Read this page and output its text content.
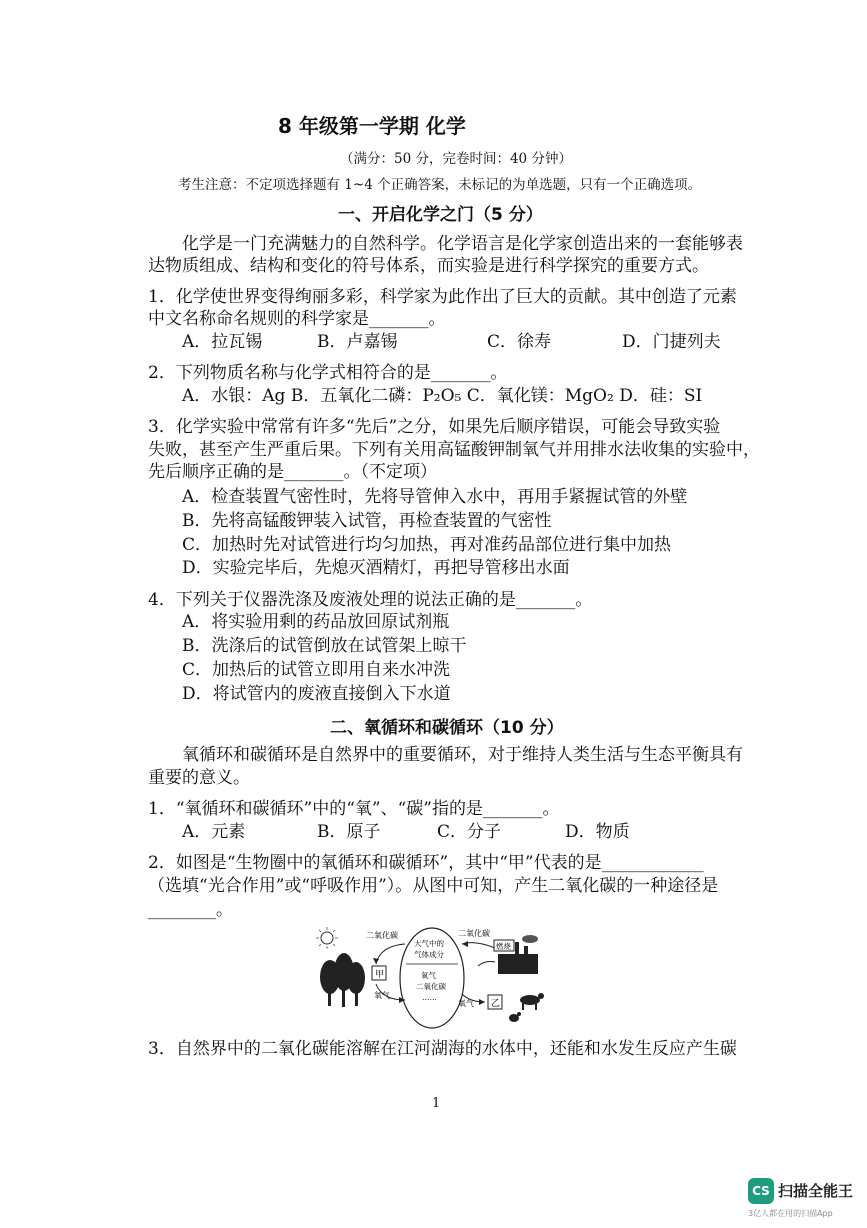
8 年级第一学期 化学
（满分：50 分，完卷时间：40 分钟）
考生注意：不定项选择题有 1~4 个正确答案，未标记的为单选题，只有一个正确选项。
一、开启化学之门（5 分）
化学是一门充满魅力的自然科学。化学语言是化学家创造出来的一套能够表
达物质组成、结构和变化的符号体系，而实验是进行科学探究的重要方式。
1．化学使世界变得绚丽多彩，科学家为此作出了巨大的贡献。其中创造了元素
中文名称命名规则的科学家是_______。
A．拉瓦锡	B．卢嘉锡	C．徐寿	D．门捷列夫
2．下列物质名称与化学式相符合的是_______。
A．水银：Ag B．五氧化二磷：P₂O₅ C．氧化镁：MgO₂ D．硅：SI
3．化学实验中常常有许多“先后”之分，如果先后顺序错误，可能会导致实验
失败，甚至产生严重后果。下列有关用高锰酸钾制氧气并用排水法收集的实验中，
先后顺序正确的是_______。（不定项）
A．检查装置气密性时，先将导管伸入水中，再用手紧握试管的外壁
B．先将高锰酸钾装入试管，再检查装置的气密性
C．加热时先对试管进行均匀加热，再对准药品部位进行集中加热
D．实验完毕后，先熄灭酒精灯，再把导管移出水面
4．下列关于仪器洗涤及废液处理的说法正确的是_______。
A．将实验用剩的药品放回原试剂瓶
B．洗涤后的试管倒放在试管架上晾干
C．加热后的试管立即用自来水冲洗
D．将试管内的废液直接倒入下水道
二、氧循环和碳循环（10 分）
氧循环和碳循环是自然界中的重要循环，对于维持人类生活与生态平衡具有
重要的意义。
1．“氧循环和碳循环”中的“氧”、“碳”指的是_______。
A．元素	B．原子	C．分子	D．物质
2．如图是“生物圈中的氧循环和碳循环”，其中“甲”代表的是____________
（选填“光合作用”或“呼吸作用”）。从图中可知，产生二氧化碳的一种途径是
________。
甲
二氧化碳
氧气
大气中的
气体成分
氧气
二氧化碳
……
二氧化碳
氧气
燃烧
乙
3．自然界中的二氧化碳能溶解在江河湖海的水体中，还能和水发生反应产生碳
1
CS 扫描全能王
3亿人都在用的扫描App
